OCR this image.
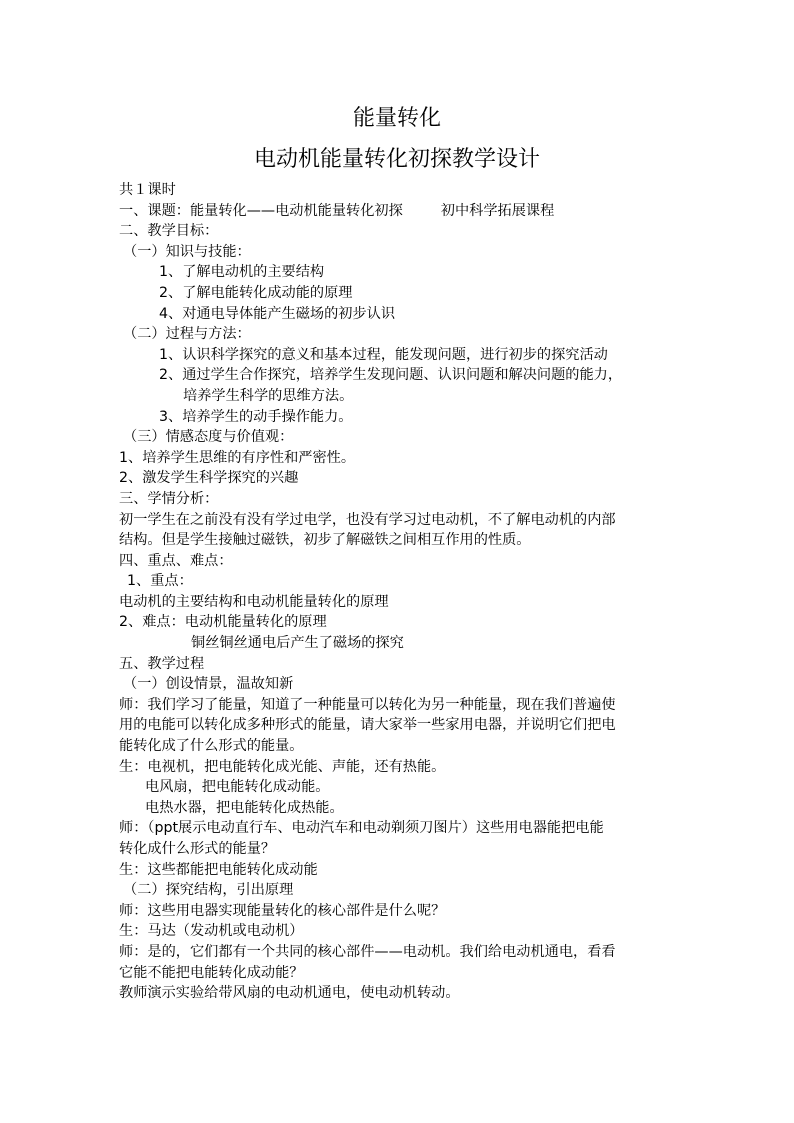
能量转化
电动机能量转化初探教学设计
共１课时
一、课题：能量转化——电动机能量转化初探	初中科学拓展课程
二、教学目标：
（一）知识与技能：
1、了解电动机的主要结构
2、了解电能转化成动能的原理
4、对通电导体能产生磁场的初步认识
（二）过程与方法：
1、认识科学探究的意义和基本过程，能发现问题，进行初步的探究活动
2、通过学生合作探究，培养学生发现问题、认识问题和解决问题的能力，
培养学生科学的思维方法。
3、培养学生的动手操作能力。
（三）情感态度与价值观：
1、培养学生思维的有序性和严密性。
2、激发学生科学探究的兴趣
三、学情分析：
初一学生在之前没有没有学过电学，也没有学习过电动机，不了解电动机的内部
结构。但是学生接触过磁铁，初步了解磁铁之间相互作用的性质。
四、重点、难点：
1、重点：
电动机的主要结构和电动机能量转化的原理
2、难点：电动机能量转化的原理
铜丝铜丝通电后产生了磁场的探究
五、教学过程
（一）创设情景，温故知新
师：我们学习了能量，知道了一种能量可以转化为另一种能量，现在我们普遍使
用的电能可以转化成多种形式的能量，请大家举一些家用电器，并说明它们把电
能转化成了什么形式的能量。
生：电视机，把电能转化成光能、声能，还有热能。
电风扇，把电能转化成动能。
电热水器，把电能转化成热能。
师：（ppt展示电动直行车、电动汽车和电动剃须刀图片）这些用电器能把电能
转化成什么形式的能量？
生：这些都能把电能转化成动能
（二）探究结构，引出原理
师：这些用电器实现能量转化的核心部件是什么呢？
生：马达（发动机或电动机）
师：是的，它们都有一个共同的核心部件——电动机。我们给电动机通电，看看
它能不能把电能转化成动能？
教师演示实验给带风扇的电动机通电，使电动机转动。
